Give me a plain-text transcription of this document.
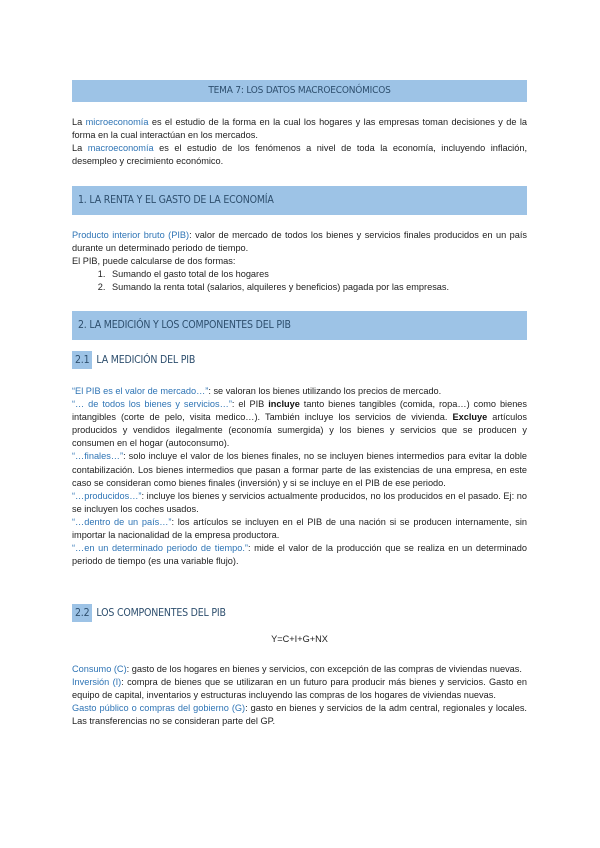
TEMA 7: LOS DATOS MACROECONÓMICOS

La microeconomía es el estudio de la forma en la cual los hogares y las empresas toman decisiones y de la forma en la cual interactúan en los mercados.

La macroeconomía es el estudio de los fenómenos a nivel de toda la economía, incluyendo inflación, desempleo y crecimiento económico.

1. LA RENTA Y EL GASTO DE LA ECONOMÍA

Producto interior bruto (PIB): valor de mercado de todos los bienes y servicios finales producidos en un país durante un determinado periodo de tiempo.

El PIB, puede calcularse de dos formas:

1. Sumando el gasto total de los hogares
2. Sumando la renta total (salarios, alquileres y beneficios) pagada por las empresas.
2. LA MEDICIÓN Y LOS COMPONENTES DEL PIB
2.1 LA MEDICIÓN DEL PIB

“El PIB es el valor de mercado…”: se valoran los bienes utilizando los precios de mercado.

“… de todos los bienes y servicios…”: el PIB incluye tanto bienes tangibles (comida, ropa…) como bienes intangibles (corte de pelo, visita medico…). También incluye los servicios de vivienda. Excluye artículos producidos y vendidos ilegalmente (economía sumergida) y los bienes y servicios que se producen y consumen en el hogar (autoconsumo).

“…finales…”: solo incluye el valor de los bienes finales, no se incluyen bienes intermedios para evitar la doble contabilización. Los bienes intermedios que pasan a formar parte de las existencias de una empresa, en este caso se consideran como bienes finales (inversión) y si se incluye en el PIB de ese periodo.

“…producidos…”: incluye los bienes y servicios actualmente producidos, no los producidos en el pasado. Ej: no se incluyen los coches usados.

“…dentro de un país…”: los artículos se incluyen en el PIB de una nación si se producen internamente, sin importar la nacionalidad de la empresa productora.

“…en un determinado periodo de tiempo.”: mide el valor de la producción que se realiza en un determinado periodo de tiempo (es una variable flujo).

2.2 LOS COMPONENTES DEL PIB
Y=C+I+G+NX

Consumo (C): gasto de los hogares en bienes y servicios, con excepción de las compras de viviendas nuevas.

Inversión (I): compra de bienes que se utilizaran en un futuro para producir más bienes y servicios. Gasto en equipo de capital, inventarios y estructuras incluyendo las compras de los hogares de viviendas nuevas.

Gasto público o compras del gobierno (G): gasto en bienes y servicios de la adm central, regionales y locales. Las transferencias no se consideran parte del GP.
